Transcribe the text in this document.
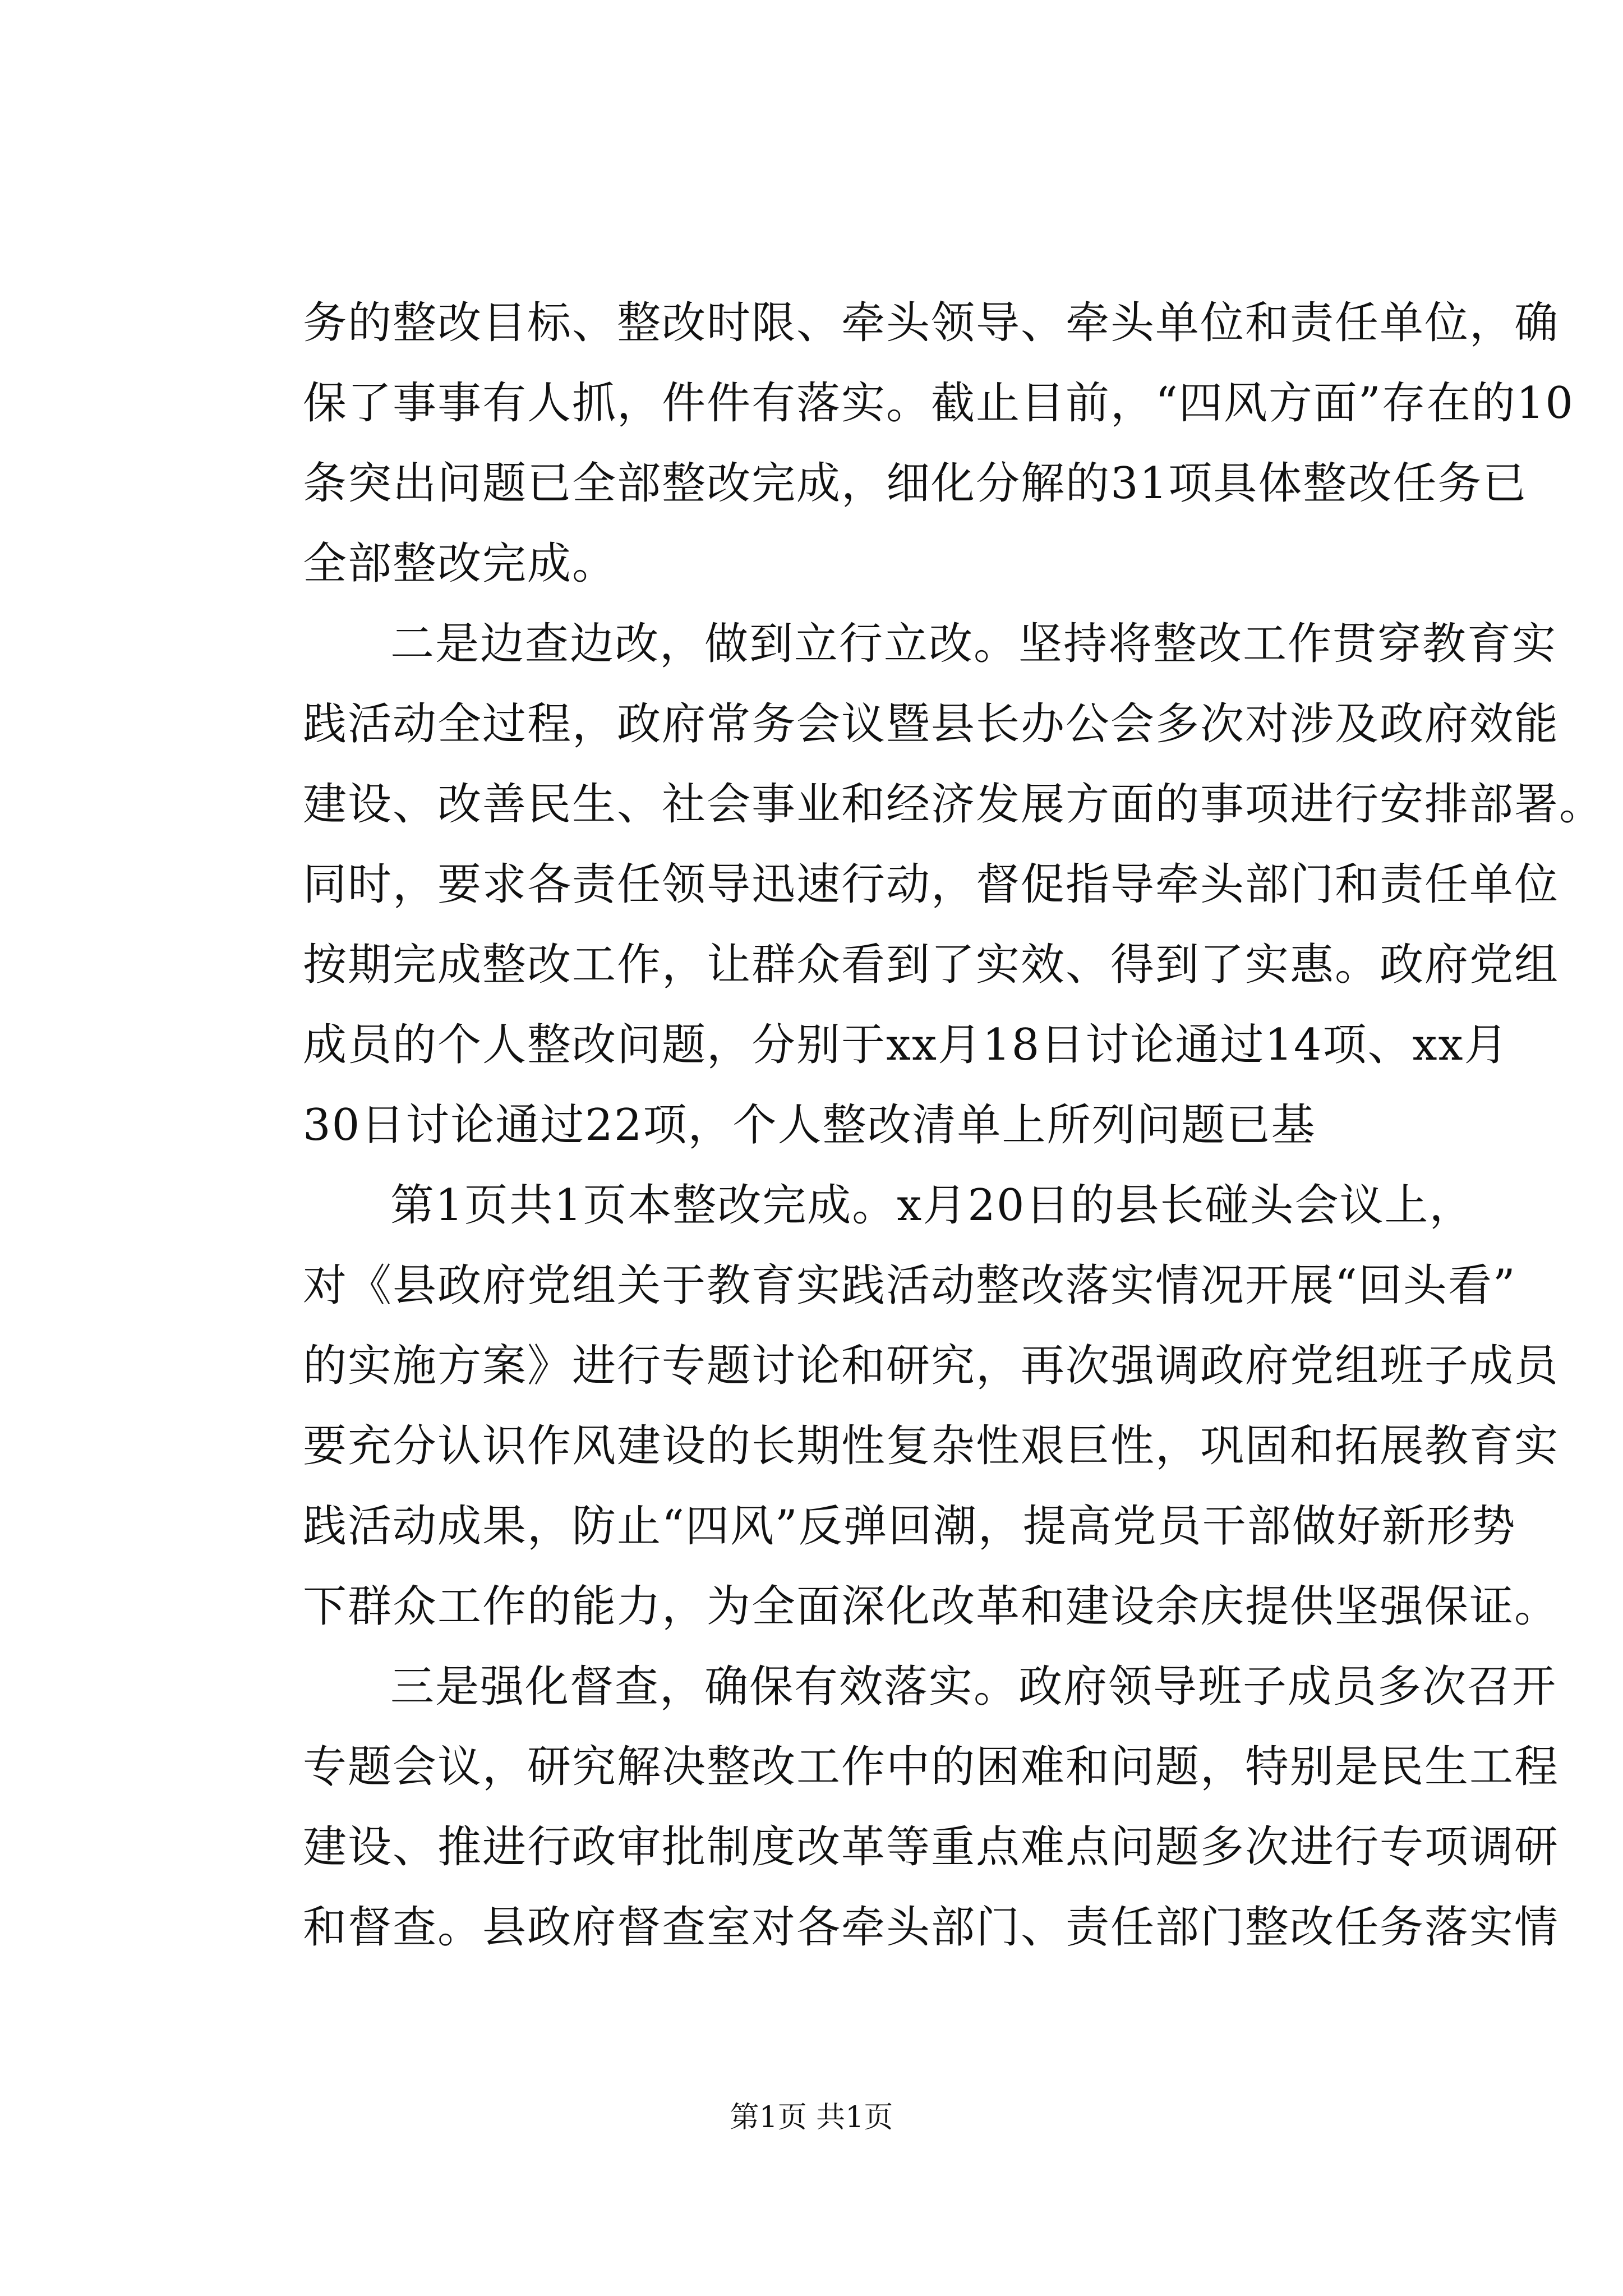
务的整改目标、整改时限、牵头领导、牵头单位和责任单位，确
保了事事有人抓，件件有落实。截止目前，“四风方面”存在的10
条突出问题已全部整改完成，细化分解的31项具体整改任务已
全部整改完成。
二是边查边改，做到立行立改。坚持将整改工作贯穿教育实
践活动全过程，政府常务会议暨县长办公会多次对涉及政府效能
建设、改善民生、社会事业和经济发展方面的事项进行安排部署。
同时，要求各责任领导迅速行动，督促指导牵头部门和责任单位
按期完成整改工作，让群众看到了实效、得到了实惠。政府党组
成员的个人整改问题，分别于xx月18日讨论通过14项、xx月
30日讨论通过22项，个人整改清单上所列问题已基
第1页共1页本整改完成。x月20日的县长碰头会议上，
对《县政府党组关于教育实践活动整改落实情况开展“回头看”
的实施方案》进行专题讨论和研究，再次强调政府党组班子成员
要充分认识作风建设的长期性复杂性艰巨性，巩固和拓展教育实
践活动成果，防止“四风”反弹回潮，提高党员干部做好新形势
下群众工作的能力，为全面深化改革和建设余庆提供坚强保证。
三是强化督查，确保有效落实。政府领导班子成员多次召开
专题会议，研究解决整改工作中的困难和问题，特别是民生工程
建设、推进行政审批制度改革等重点难点问题多次进行专项调研
和督查。县政府督查室对各牵头部门、责任部门整改任务落实情
第1页 共1页
